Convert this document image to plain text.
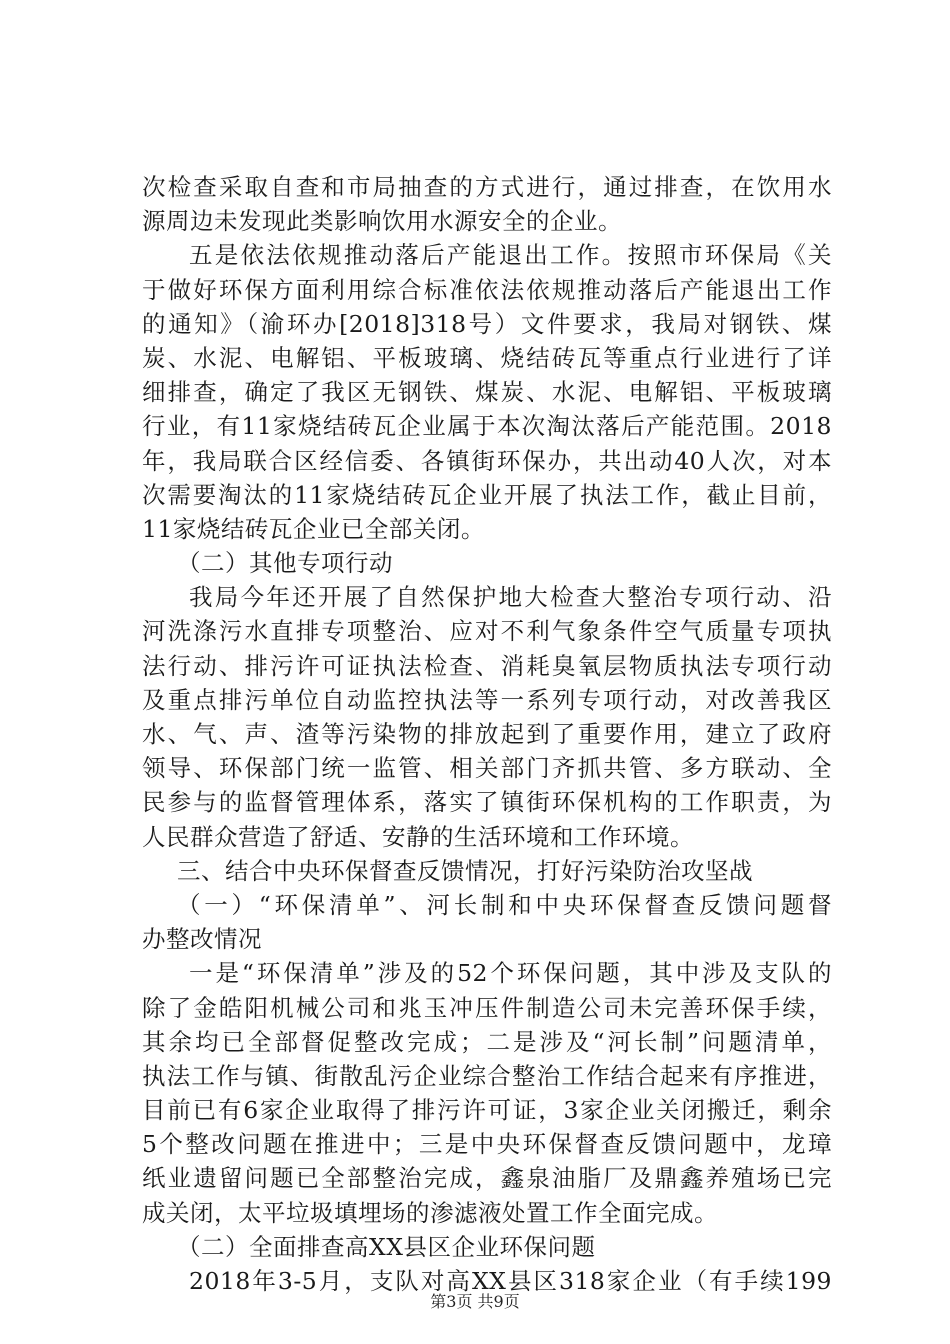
次检查采取自查和市局抽查的方式进行，通过排查，在饮用水
源周边未发现此类影响饮用水源安全的企业。
五是依法依规推动落后产能退出工作。按照市环保局《关
于做好环保方面利用综合标准依法依规推动落后产能退出工作
的通知》（渝环办[2018]318号）文件要求，我局对钢铁、煤
炭、水泥、电解铝、平板玻璃、烧结砖瓦等重点行业进行了详
细排查，确定了我区无钢铁、煤炭、水泥、电解铝、平板玻璃
行业，有11家烧结砖瓦企业属于本次淘汰落后产能范围。2018
年，我局联合区经信委、各镇街环保办，共出动40人次，对本
次需要淘汰的11家烧结砖瓦企业开展了执法工作，截止目前，
11家烧结砖瓦企业已全部关闭。
（二）其他专项行动
我局今年还开展了自然保护地大检查大整治专项行动、沿
河洗涤污水直排专项整治、应对不利气象条件空气质量专项执
法行动、排污许可证执法检查、消耗臭氧层物质执法专项行动
及重点排污单位自动监控执法等一系列专项行动，对改善我区
水、气、声、渣等污染物的排放起到了重要作用，建立了政府
领导、环保部门统一监管、相关部门齐抓共管、多方联动、全
民参与的监督管理体系，落实了镇街环保机构的工作职责，为
人民群众营造了舒适、安静的生活环境和工作环境。
三、结合中央环保督查反馈情况，打好污染防治攻坚战
（一）“环保清单”、河长制和中央环保督查反馈问题督
办整改情况
一是“环保清单”涉及的52个环保问题，其中涉及支队的
除了金皓阳机械公司和兆玉冲压件制造公司未完善环保手续，
其余均已全部督促整改完成；二是涉及“河长制”问题清单，
执法工作与镇、街散乱污企业综合整治工作结合起来有序推进，
目前已有6家企业取得了排污许可证，3家企业关闭搬迁，剩余
5个整改问题在推进中；三是中央环保督查反馈问题中，龙璋
纸业遗留问题已全部整治完成，鑫泉油脂厂及鼎鑫养殖场已完
成关闭，太平垃圾填埋场的渗滤液处置工作全面完成。
（二）全面排查高XX县区企业环保问题
2018年3-5月，支队对高XX县区318家企业（有手续199
第3页 共9页
